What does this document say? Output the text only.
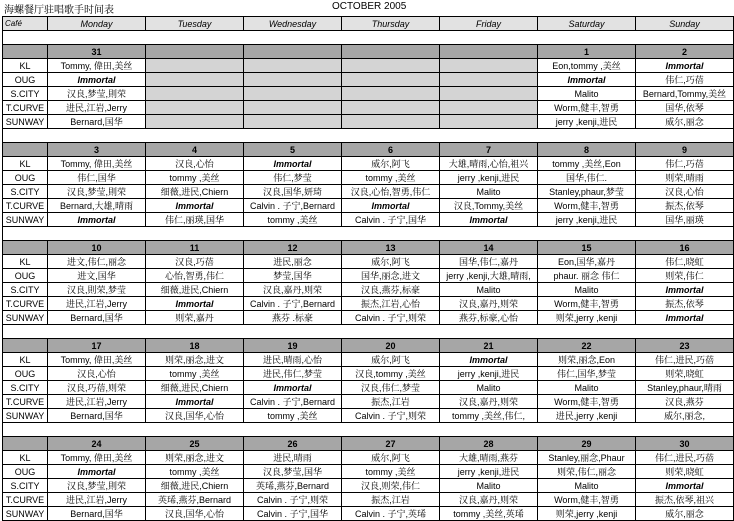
海螺餐厅驻唱歌手时间表	OCTOBER 2005
Café	Monday	Tuesday	Wednesday	Thursday	Friday	Saturday	Sunday

	31					1	2
KL	Tommy, 偉田,美丝					Eon,tommy ,美丝	Immortal
OUG	Immortal					Immortal	伟仁,巧蓓
S.CITY	汉良,梦莹,則荣					Malito	Bernard,Tommy,美丝
T.CURVE	进民,江岩,Jerry					Worm,健丰,智勇	国华,依琴
SUNWAY	Bernard,国华					jerry ,kenji,进民	威尔,丽念

	3	4	5	6	7	8	9
KL	Tommy, 偉田,美丝	汉良,心怡	Immortal	威尔,阿飞	大雄,晴雨,心怡,祖兴	tommy ,美丝,Eon	伟仁,巧蓓
OUG	伟仁,国华	tommy ,美丝	伟仁,梦莹	tommy ,美丝	jerry ,kenji,进民	国华,伟仁.	则荣,晴雨
S.CITY	汉良,梦莹,則荣	细薇,进民,Chiern	汉良,国华,妍琦	汉良,心怡,智勇,伟仁	Malito	Stanley,phaur,梦莹	汉良,心怡
T.CURVE	Bernard,大雄,晴雨	Immortal	Calvin . 子宁,Bernard	Immortal	汉良,Tommy,美丝	Worm,健丰,智勇	振杰,依琴
SUNWAY	Immortal	伟仁,丽瑛,国华	tommy ,美丝	Calvin . 子宁,国华	Immortal	jerry ,kenji,进民	国华,丽瑛

	10	11	12	13	14	15	16
KL	进文,伟仁,丽念	汉良,巧蓓	进民,丽念	威尔,阿飞	国华,伟仁,嘉丹	Eon,国华,嘉丹	伟仁,晓虹
OUG	进文,国华	心怡,智勇,伟仁	梦莹,国华	国华,丽念,进文	jerry ,kenji,大雄,晴雨,	phaur. 丽念 伟仁	则荣,伟仁
S.CITY	汉良,則荣,梦莹	细薇,进民,Chiern	汉良,嘉丹,则荣	汉良,燕芬,标豪	Malito	Malito	Immortal
T.CURVE	进民,江岩,Jerry	Immortal	Calvin . 子宁,Bernard	振杰,江岩,心怡	汉良,嘉丹,则荣	Worm,健丰,智勇	振杰,依琴
SUNWAY	Bernard,国华	则荣,嘉丹	燕芬 .标豪	Calvin . 子宁,则荣	燕芬,标豪,心怡	则荣,jerry ,kenji	Immortal

	17	18	19	20	21	22	23
KL	Tommy, 偉田,美丝	则荣,丽念,进文	进民,晴雨,心怡	威尔,阿飞	Immortal	则荣,丽念,Eon	伟仁,进民,巧蓓
OUG	汉良,心怡	tommy ,美丝	进民,伟仁,梦莹	汉良,tommy ,美丝	jerry ,kenji,进民	伟仁,国华,梦莹	则荣,晓虹
S.CITY	汉良,巧蓓,则荣	细薇,进民,Chiern	Immortal	汉良,伟仁,梦莹	Malito	Malito	Stanley,phaur,晴雨
T.CURVE	进民,江岩,Jerry	Immortal	Calvin . 子宁,Bernard	振杰,江岩	汉良,嘉丹,则荣	Worm,健丰,智勇	汉良,燕芬
SUNWAY	Bernard,国华	汉良,国华,心怡	tommy ,美丝	Calvin . 子宁,则荣	tommy ,美丝,伟仁,	进民,jerry ,kenji	威尔,丽念,

	24	25	26	27	28	29	30
KL	Tommy, 偉田,美丝	则荣,丽念,进文	进民,晴雨	威尔,阿飞	大雄,晴雨,燕芬	Stanley,丽念,Phaur	伟仁,进民,巧蓓
OUG	Immortal	tommy ,美丝	汉良,梦莹,国华	tommy ,美丝	jerry ,kenji,进民	则荣,伟仁,丽念	则荣,晓虹
S.CITY	汉良,梦莹,則荣	细薇,进民,Chiern	英琋,燕芬,Bernard	汉良,则荣,伟仁	Malito	Malito	Immortal
T.CURVE	进民,江岩,Jerry	英琋,燕芬,Bernard	Calvin . 子宁,则荣	振杰,江岩	汉良,嘉丹,则荣	Worm,健丰,智勇	振杰,依琴,祖兴
SUNWAY	Bernard,国华	汉良,国华,心怡	Calvin . 子宁,国华	Calvin . 子宁,英琋	tommy ,美丝,英琋	则荣,jerry ,kenji	威尔,丽念
